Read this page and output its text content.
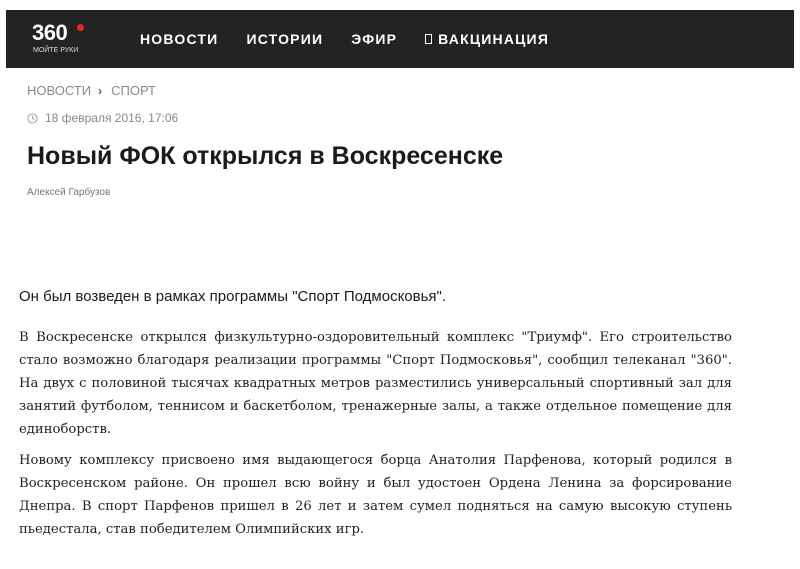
360
МОЙТЕ РУКИ
НОВОСТИ ИСТОРИИ ЭФИР	ВАКЦИНАЦИЯ
НОВОСТИ › СПОРТ
18 февраля 2016, 17:06
Новый ФОК открылся в Воскресенске
Алексей Гарбузов
Он был возведен в рамках программы "Спорт Подмосковья".

В Воскресенске открылся физкультурно-оздоровительный комплекс "Триумф". Его строительство стало возможно благодаря реализации программы "Спорт Подмосковья", сообщил телеканал "360". На двух с половиной тысячах квадратных метров разместились универсальный спортивный зал для занятий футболом, теннисом и баскетболом, тренажерные залы, а также отдельное помещение для единоборств.

Новому комплексу присвоено имя выдающегося борца Анатолия Парфенова, который родился в Воскресенском районе. Он прошел всю войну и был удостоен Ордена Ленина за форсирование Днепра. В спорт Парфенов пришел в 26 лет и затем сумел подняться на самую высокую ступень пьедестала, став победителем Олимпийских игр.
